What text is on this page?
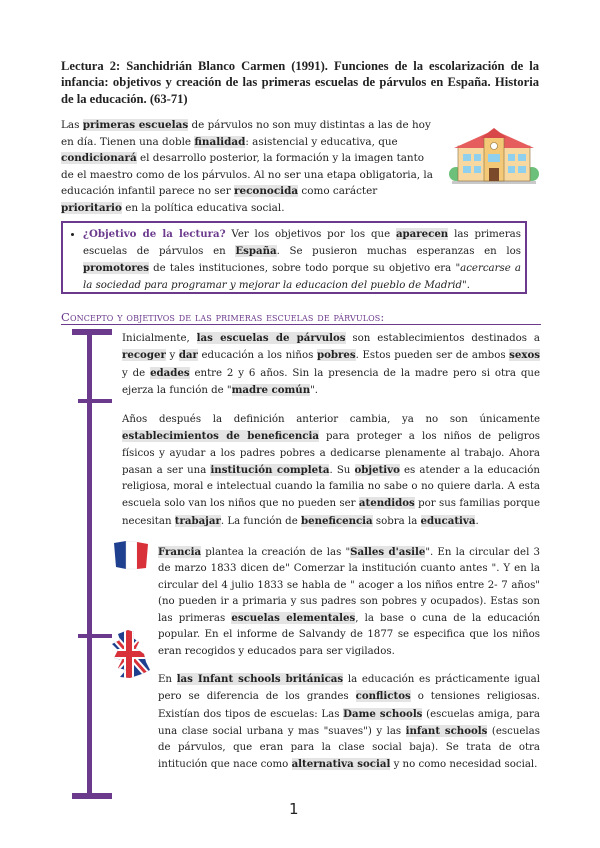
Lectura 2: Sanchidrián Blanco Carmen (1991). Funciones de la escolarización de la infancia: objetivos y creación de las primeras escuelas de párvulos en España. Historia de la educación. (63-71)

Las primeras escuelas de párvulos no son muy distintas a las de hoy en día. Tienen una doble finalidad: asistencial y educativa, que condicionará el desarrollo posterior, la formación y la imagen tanto de el maestro como de los párvulos. Al no ser una etapa obligatoria, la educación infantil parece no ser reconocida como carácter prioritario en la política educativa social.

• ¿Objetivo de la lectura? Ver los objetivos por los que aparecen las primeras escuelas de párvulos en España. Se pusieron muchas esperanzas en los promotores de tales instituciones, sobre todo porque su objetivo era "acercarse a la sociedad para programar y mejorar la educacion del pueblo de Madrid".

Concepto y objetivos de las primeras escuelas de párvulos:

Inicialmente, las escuelas de párvulos son establecimientos destinados a recoger y dar educación a los niños pobres. Estos pueden ser de ambos sexos y de edades entre 2 y 6 años. Sin la presencia de la madre pero si otra que ejerza la función de "madre común".

Años después la definición anterior cambia, ya no son únicamente establecimientos de beneficencia para proteger a los niños de peligros físicos y ayudar a los padres pobres a dedicarse plenamente al trabajo. Ahora pasan a ser una institución completa. Su objetivo es atender a la educación religiosa, moral e intelectual cuando la familia no sabe o no quiere darla. A esta escuela solo van los niños que no pueden ser atendidos por sus familias porque necesitan trabajar. La función de beneficencia sobra la educativa.

Francia plantea la creación de las "Salles d'asile". En la circular del 3 de marzo 1833 dicen de" Comerzar la institución cuanto antes ". Y en la circular del 4 julio 1833 se habla de " acoger a los niños entre 2- 7 años" (no pueden ir a primaria y sus padres son pobres y ocupados). Estas son las primeras escuelas elementales, la base o cuna de la educación popular. En el informe de Salvandy de 1877 se especifica que los niños eran recogidos y educados para ser vigilados.

En las Infant schools británicas la educación es prácticamente igual pero se diferencia de los grandes conflictos o tensiones religiosas. Existían dos tipos de escuelas: Las Dame schools (escuelas amiga, para una clase social urbana y mas "suaves") y las infant schools (escuelas de párvulos, que eran para la clase social baja). Se trata de otra intitución que nace como alternativa social y no como necesidad social.

1
